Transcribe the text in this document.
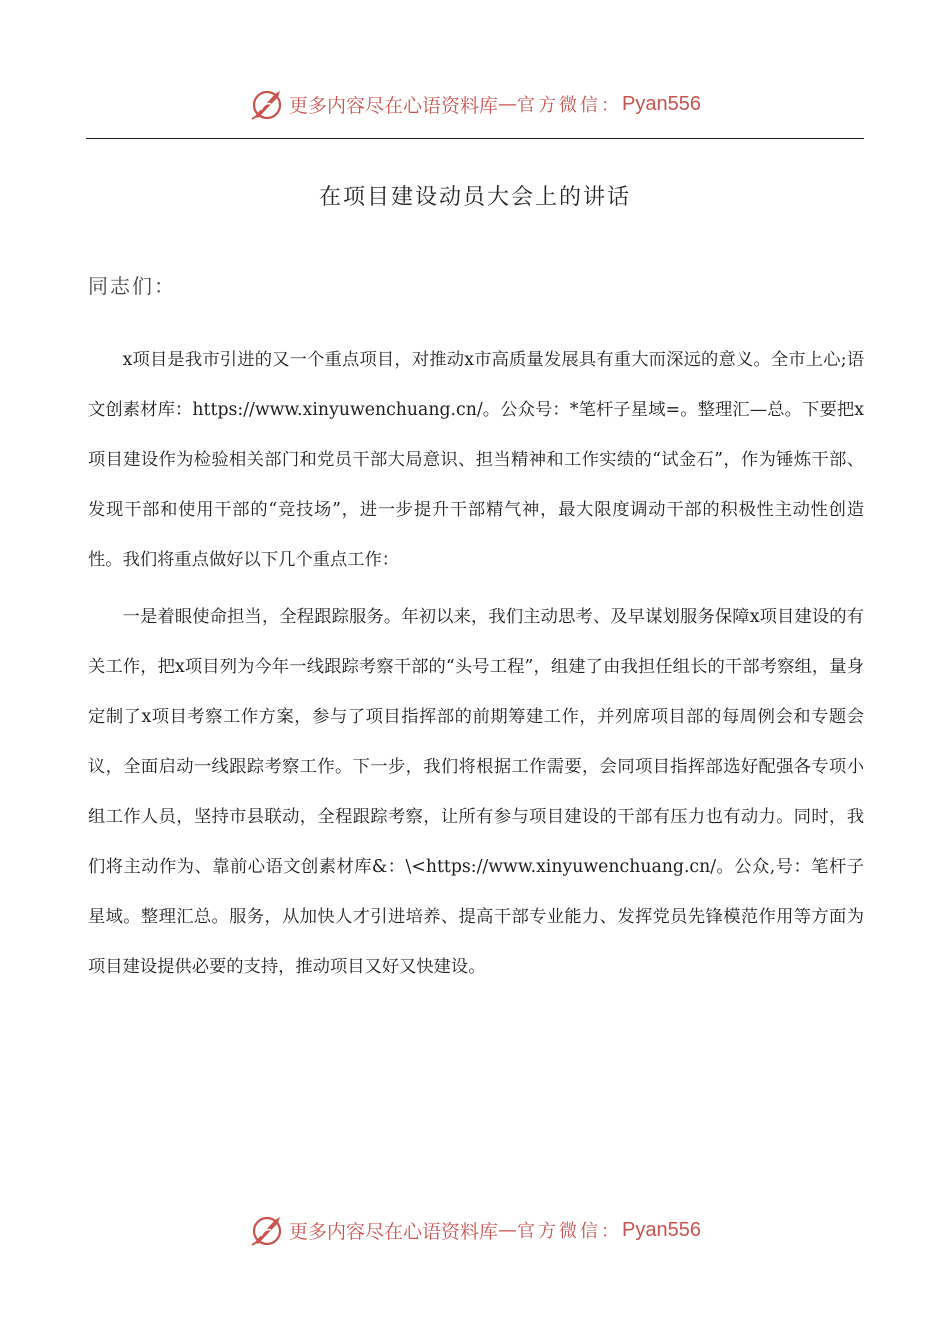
更多内容尽在心语资料库 — 官方微信： Pyan556
在项目建设动员大会上的讲话
同志们：

x项目是我市引进的又一个重点项目，对推动x市高质量发展具有重大而深远的意义。全市上心;语文创素材库：https://www.xinyuwenchuang.cn/。公众号：*笔杆子星域=。整理汇—总。下要把x项目建设作为检验相关部门和党员干部大局意识、担当精神和工作实绩的“试金石”，作为锤炼干部、发现干部和使用干部的“竞技场”，进一步提升干部精气神，最大限度调动干部的积极性主动性创造性。我们将重点做好以下几个重点工作：

一是着眼使命担当，全程跟踪服务。年初以来，我们主动思考、及早谋划服务保障x项目建设的有关工作，把x项目列为今年一线跟踪考察干部的“头号工程”，组建了由我担任组长的干部考察组，量身定制了x项目考察工作方案，参与了项目指挥部的前期筹建工作，并列席项目部的每周例会和专题会议，全面启动一线跟踪考察工作。下一步，我们将根据工作需要，会同项目指挥部选好配强各专项小组工作人员，坚持市县联动，全程跟踪考察，让所有参与项目建设的干部有压力也有动力。同时，我们将主动作为、靠前心语文创素材库&：\<https://www.xinyuwenchuang.cn/。公众,号：笔杆子星域。整理汇总。服务，从加快人才引进培养、提高干部专业能力、发挥党员先锋模范作用等方面为项目建设提供必要的支持，推动项目又好又快建设。

更多内容尽在心语资料库 — 官方微信： Pyan556
